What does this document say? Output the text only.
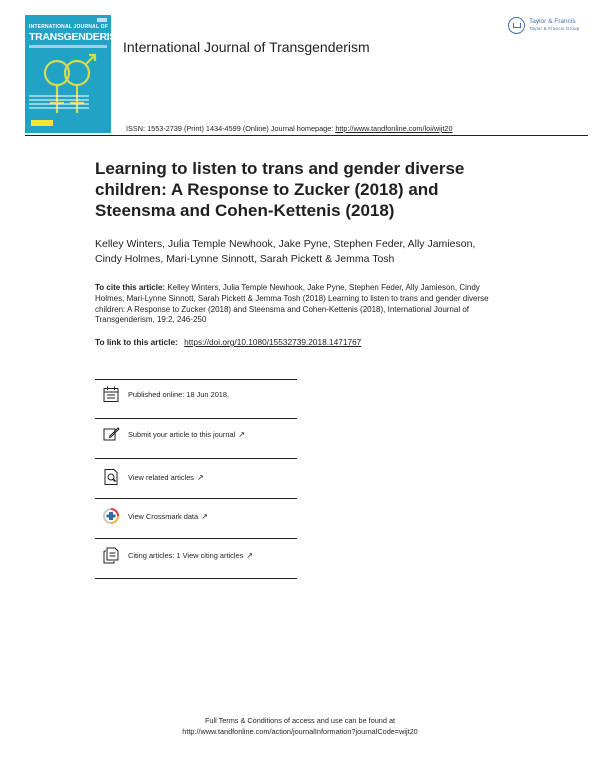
INTERNATIONAL JOURNAL OF
TRANSGENDERISM
Taylor & Francis
Taylor & Francis Group
International Journal of Transgenderism
ISSN: 1553-2739 (Print) 1434-4599 (Online) Journal homepage: http://www.tandfonline.com/loi/wijt20
Learning to listen to trans and gender diverse children: A Response to Zucker (2018) and Steensma and Cohen-Kettenis (2018)
Kelley Winters, Julia Temple Newhook, Jake Pyne, Stephen Feder, Ally Jamieson, Cindy Holmes, Mari-Lynne Sinnott, Sarah Pickett & Jemma Tosh
To cite this article: Kelley Winters, Julia Temple Newhook, Jake Pyne, Stephen Feder, Ally Jamieson, Cindy Holmes, Mari-Lynne Sinnott, Sarah Pickett & Jemma Tosh (2018) Learning to listen to trans and gender diverse children: A Response to Zucker (2018) and Steensma and Cohen-Kettenis (2018), International Journal of Transgenderism, 19:2, 246-250
To link to this article: https://doi.org/10.1080/15532739.2018.1471767
Published online: 18 Jun 2018.
Submit your article to this journal ↗
View related articles ↗
View Crossmark data ↗
Citing articles: 1 View citing articles ↗
Full Terms & Conditions of access and use can be found at
http://www.tandfonline.com/action/journalInformation?journalCode=wijt20
